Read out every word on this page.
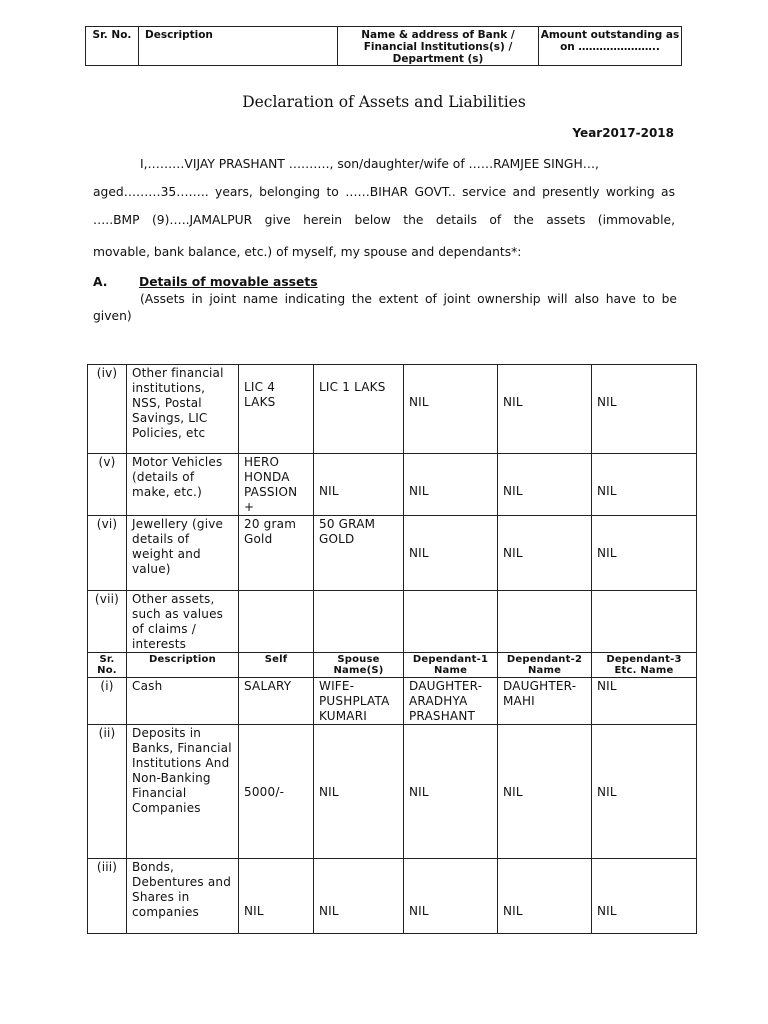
Sr. No.	Description	Name & address of Bank / Financial Institutions(s) / Department (s)	Amount outstanding as on …………………..
Declaration of Assets and Liabilities
Year2017-2018
I,………VIJAY PRASHANT ………., son/daughter/wife of ……RAMJEE SINGH…,
aged………35…….. years, belonging to ……BIHAR GOVT.. service and presently working as
…..BMP (9)…..JAMALPUR give herein below the details of the assets (immovable,
movable, bank balance, etc.) of myself, my spouse and dependants*:
A.	Details of movable assets
(Assets in joint name indicating the extent of joint ownership will also have to be
given)
(iv)	Other financial institutions, NSS, Postal Savings, LIC Policies, etc	LIC 4 LAKS	LIC 1 LAKS	NIL	NIL	NIL

(v)	Motor Vehicles (details of make, etc.)	HERO HONDA PASSION +	NIL	NIL	NIL	NIL

(vi)	Jewellery (give details of weight and value)	20 gram Gold	50 GRAM GOLD	NIL	NIL	NIL

(vii)	Other assets, such as values of claims / interests					
Sr. No.	Description	Self	Spouse Name(S)	Dependant-1 Name	Dependant-2 Name	Dependant-3 Etc. Name
(i)	Cash	SALARY	WIFE-PUSHPLATA KUMARI	DAUGHTER-ARADHYA PRASHANT	DAUGHTER-MAHI	NIL
(ii)	Deposits in Banks, Financial Institutions And Non-Banking Financial Companies	5000/-	NIL	NIL	NIL	NIL

(iii)	Bonds, Debentures and Shares in companies	NIL	NIL	NIL	NIL	NIL
